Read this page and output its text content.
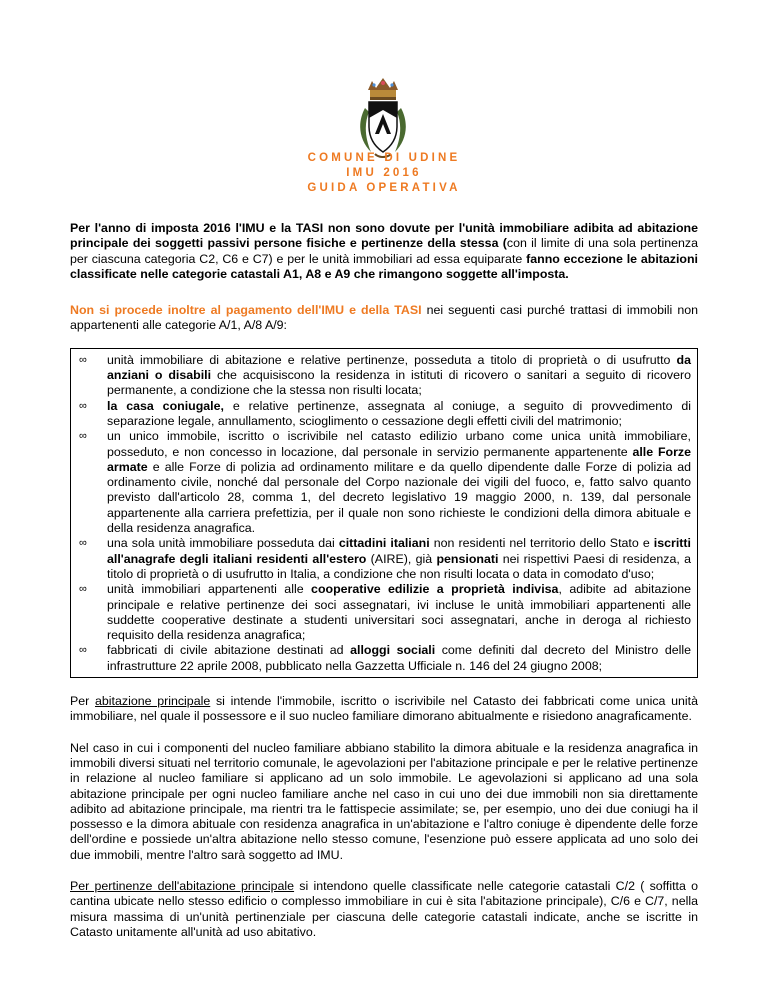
COMUNE DI UDINE
IMU 2016
GUIDA OPERATIVA

Per l'anno di imposta 2016 l'IMU e la TASI non sono dovute per l'unità immobiliare adibita ad abitazione principale dei soggetti passivi persone fisiche e pertinenze della stessa (con il limite di una sola pertinenza per ciascuna categoria C2, C6 e C7) e per le unità immobiliari ad essa equiparate fanno eccezione le abitazioni classificate nelle categorie catastali A1, A8 e A9 che rimangono soggette all'imposta.

Non si procede inoltre al pagamento dell'IMU e della TASI nei seguenti casi purché trattasi di immobili non appartenenti alle categorie A/1, A/8 A/9:

∞ unità immobiliare di abitazione e relative pertinenze, posseduta a titolo di proprietà o di usufrutto da anziani o disabili che acquisiscono la residenza in istituti di ricovero o sanitari a seguito di ricovero permanente, a condizione che la stessa non risulti locata;
∞ la casa coniugale, e relative pertinenze, assegnata al coniuge, a seguito di provvedimento di separazione legale, annullamento, scioglimento o cessazione degli effetti civili del matrimonio;
∞ un unico immobile, iscritto o iscrivibile nel catasto edilizio urbano come unica unità immobiliare, posseduto, e non concesso in locazione, dal personale in servizio permanente appartenente alle Forze armate e alle Forze di polizia ad ordinamento militare e da quello dipendente dalle Forze di polizia ad ordinamento civile, nonché dal personale del Corpo nazionale dei vigili del fuoco, e, fatto salvo quanto previsto dall'articolo 28, comma 1, del decreto legislativo 19 maggio 2000, n. 139, dal personale appartenente alla carriera prefettizia, per il quale non sono richieste le condizioni della dimora abituale e della residenza anagrafica.
∞ una sola unità immobiliare posseduta dai cittadini italiani non residenti nel territorio dello Stato e iscritti all'anagrafe degli italiani residenti all'estero (AIRE), già pensionati nei rispettivi Paesi di residenza, a titolo di proprietà o di usufrutto in Italia, a condizione che non risulti locata o data in comodato d'uso;
∞ unità immobiliari appartenenti alle cooperative edilizie a proprietà indivisa, adibite ad abitazione principale e relative pertinenze dei soci assegnatari, ivi incluse le unità immobiliari appartenenti alle suddette cooperative destinate a studenti universitari soci assegnatari, anche in deroga al richiesto requisito della residenza anagrafica;
∞ fabbricati di civile abitazione destinati ad alloggi sociali come definiti dal decreto del Ministro delle infrastrutture 22 aprile 2008, pubblicato nella Gazzetta Ufficiale n. 146 del 24 giugno 2008;

Per abitazione principale si intende l'immobile, iscritto o iscrivibile nel Catasto dei fabbricati come unica unità immobiliare, nel quale il possessore e il suo nucleo familiare dimorano abitualmente e risiedono anagraficamente.

Nel caso in cui i componenti del nucleo familiare abbiano stabilito la dimora abituale e la residenza anagrafica in immobili diversi situati nel territorio comunale, le agevolazioni per l'abitazione principale e per le relative pertinenze in relazione al nucleo familiare si applicano ad un solo immobile. Le agevolazioni si applicano ad una sola abitazione principale per ogni nucleo familiare anche nel caso in cui uno dei due immobili non sia direttamente adibito ad abitazione principale, ma rientri tra le fattispecie assimilate; se, per esempio, uno dei due coniugi ha il possesso e la dimora abituale con residenza anagrafica in un'abitazione e l'altro coniuge è dipendente delle forze dell'ordine e possiede un'altra abitazione nello stesso comune, l'esenzione può essere applicata ad uno solo dei due immobili, mentre l'altro sarà soggetto ad IMU.

Per pertinenze dell'abitazione principale si intendono quelle classificate nelle categorie catastali C/2 ( soffitta o cantina ubicate nello stesso edificio o complesso immobiliare in cui è sita l'abitazione principale), C/6 e C/7, nella misura massima di un'unità pertinenziale per ciascuna delle categorie catastali indicate, anche se iscritte in Catasto unitamente all'unità ad uso abitativo.
